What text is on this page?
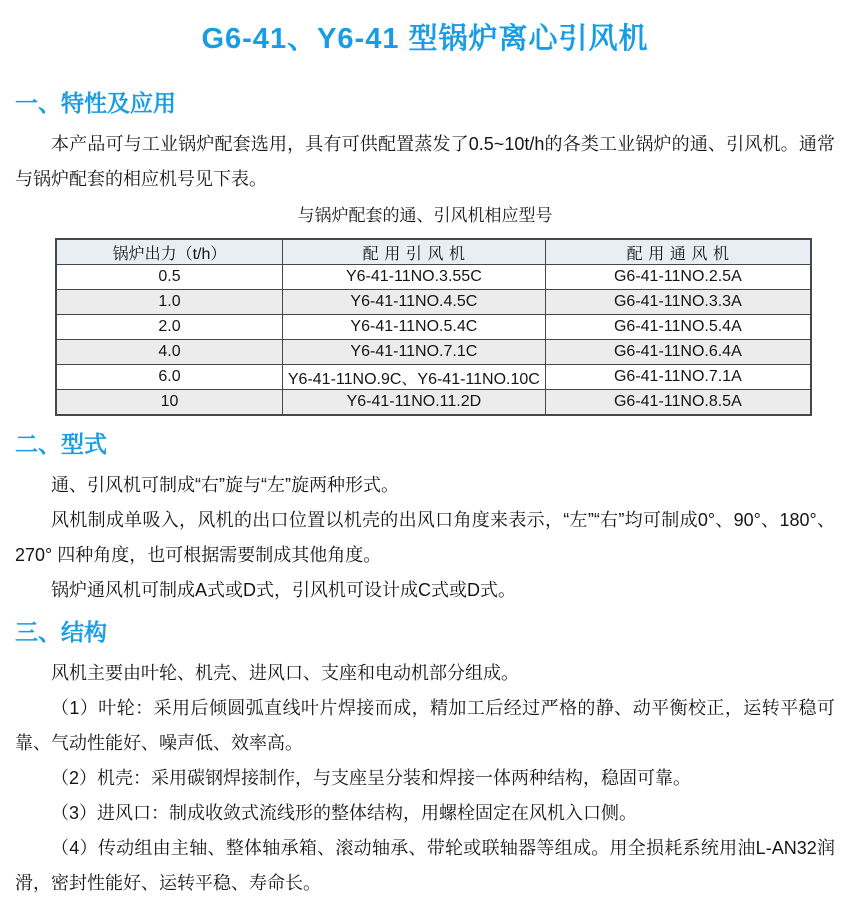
G6-41、Y6-41 型锅炉离心引风机
一、特性及应用

本产品可与工业锅炉配套选用，具有可供配置蒸发了0.5~10t/h的各类工业锅炉的通、引风机。通常与锅炉配套的相应机号见下表。

与锅炉配套的通、引风机相应型号

锅炉出力（t/h）	配用引风机	配用通风机
0.5	Y6-41-11NO.3.55C	G6-41-11NO.2.5A
1.0	Y6-41-11NO.4.5C	G6-41-11NO.3.3A
2.0	Y6-41-11NO.5.4C	G6-41-11NO.5.4A
4.0	Y6-41-11NO.7.1C	G6-41-11NO.6.4A
6.0	Y6-41-11NO.9C、Y6-41-11NO.10C	G6-41-11NO.7.1A
10	Y6-41-11NO.11.2D	G6-41-11NO.8.5A
二、型式

通、引风机可制成“右”旋与“左”旋两种形式。

风机制成单吸入，风机的出口位置以机壳的出风口角度来表示，“左”“右”均可制成0°、90°、180°、270° 四种角度，也可根据需要制成其他角度。

锅炉通风机可制成A式或D式，引风机可设计成C式或D式。

三、结构

风机主要由叶轮、机壳、进风口、支座和电动机部分组成。

（1）叶轮：采用后倾圆弧直线叶片焊接而成，精加工后经过严格的静、动平衡校正，运转平稳可靠、气动性能好、噪声低、效率高。

（2）机壳：采用碳钢焊接制作，与支座呈分装和焊接一体两种结构，稳固可靠。

（3）进风口：制成收敛式流线形的整体结构，用螺栓固定在风机入口侧。

（4）传动组由主轴、整体轴承箱、滚动轴承、带轮或联轴器等组成。用全损耗系统用油L-AN32润滑，密封性能好、运转平稳、寿命长。
